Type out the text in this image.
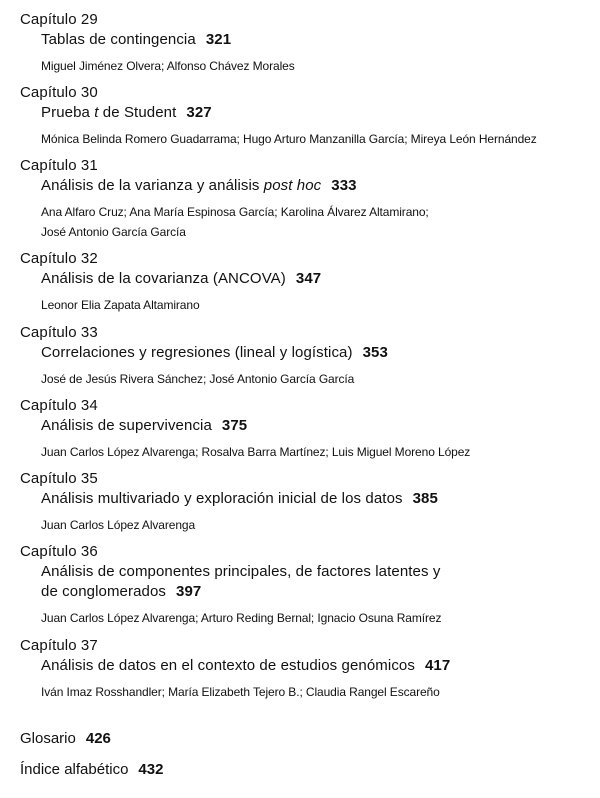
Capítulo 29
Tablas de contingencia 321
Miguel Jiménez Olvera; Alfonso Chávez Morales
Capítulo 30
Prueba t de Student 327
Mónica Belinda Romero Guadarrama; Hugo Arturo Manzanilla García; Mireya León Hernández
Capítulo 31
Análisis de la varianza y análisis post hoc 333
Ana Alfaro Cruz; Ana María Espinosa García; Karolina Álvarez Altamirano;
José Antonio García García
Capítulo 32
Análisis de la covarianza (ANCOVA) 347
Leonor Elia Zapata Altamirano
Capítulo 33
Correlaciones y regresiones (lineal y logística) 353
José de Jesús Rivera Sánchez; José Antonio García García
Capítulo 34
Análisis de supervivencia 375
Juan Carlos López Alvarenga; Rosalva Barra Martínez; Luis Miguel Moreno López
Capítulo 35
Análisis multivariado y exploración inicial de los datos 385
Juan Carlos López Alvarenga
Capítulo 36
Análisis de componentes principales, de factores latentes y
de conglomerados 397
Juan Carlos López Alvarenga; Arturo Reding Bernal; Ignacio Osuna Ramírez
Capítulo 37
Análisis de datos en el contexto de estudios genómicos 417
Iván Imaz Rosshandler; María Elizabeth Tejero B.; Claudia Rangel Escareño
Glosario 426
Índice alfabético 432
